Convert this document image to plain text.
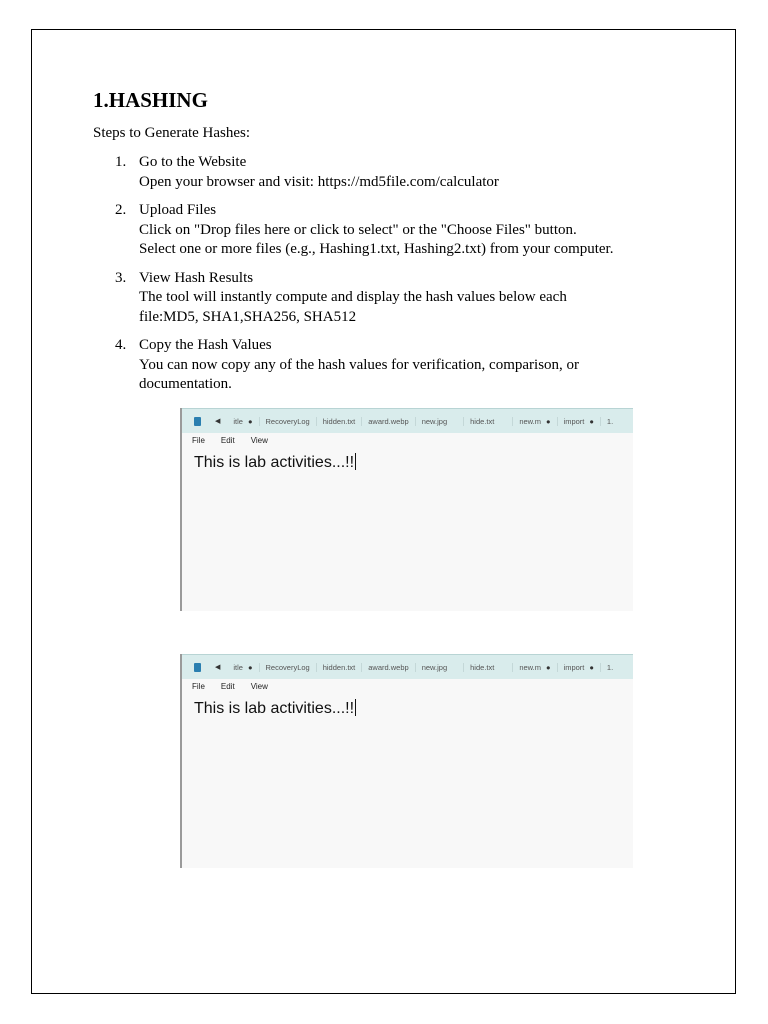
1.HASHING
Steps to Generate Hashes:
1. Go to the Website
Open your browser and visit: https://md5file.com/calculator
2. Upload Files
Click on "Drop files here or click to select" or the "Choose Files" button.
Select one or more files (e.g., Hashing1.txt, Hashing2.txt) from your computer.
3. View Hash Results
The tool will instantly compute and display the hash values below each file:MD5, SHA1,SHA256, SHA512
4. Copy the Hash Values
You can now copy any of the hash values for verification, comparison, or documentation.
◀	itle ●	RecoveryLog	hidden.txt	award.webp	new.jpg	hide.txt	new.m ●	import ●	1.
File Edit View
This is lab activities...!!
◀	itle ●	RecoveryLog	hidden.txt	award.webp	new.jpg	hide.txt	new.m ●	import ●	1.
File Edit View
This is lab activities...!!
